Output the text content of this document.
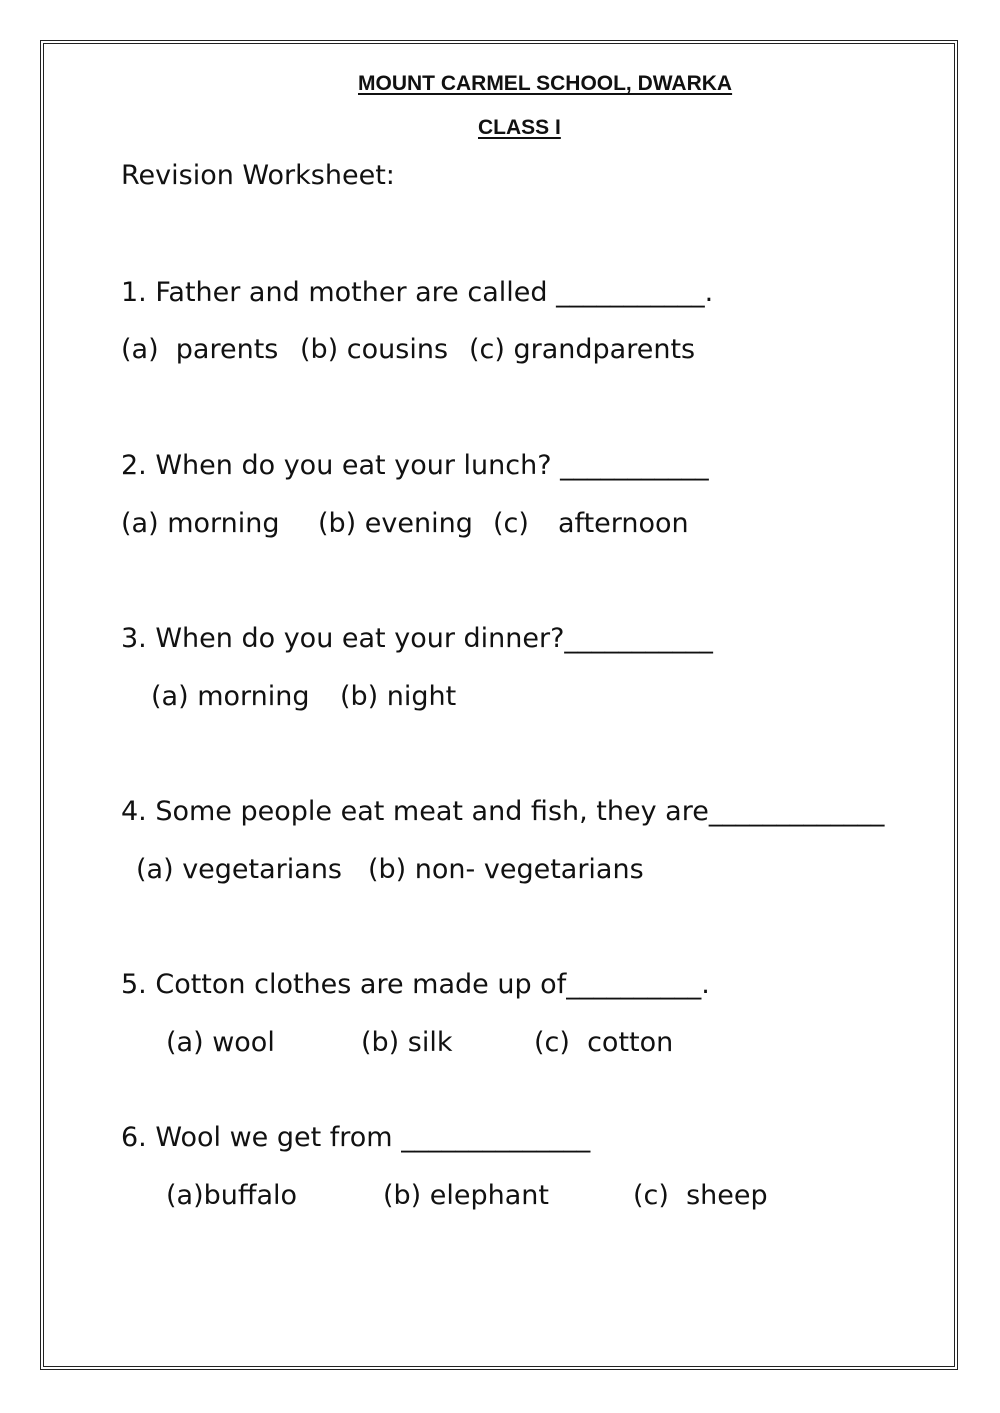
MOUNT CARMEL SCHOOL, DWARKA
CLASS I
Revision Worksheet:
1. Father and mother are called ___________.
(a)  parents (b) cousins (c) grandparents
2. When do you eat your lunch? ___________
(a) morning (b) evening (c) afternoon
3. When do you eat your dinner?___________
(a) morning (b) night
4. Some people eat meat and fish, they are_____________
(a) vegetarians (b) non- vegetarians
5. Cotton clothes are made up of__________.
(a) wool	(b) silk	(c)  cotton
6. Wool we get from ______________
(a)buffalo	(b) elephant	(c)  sheep
